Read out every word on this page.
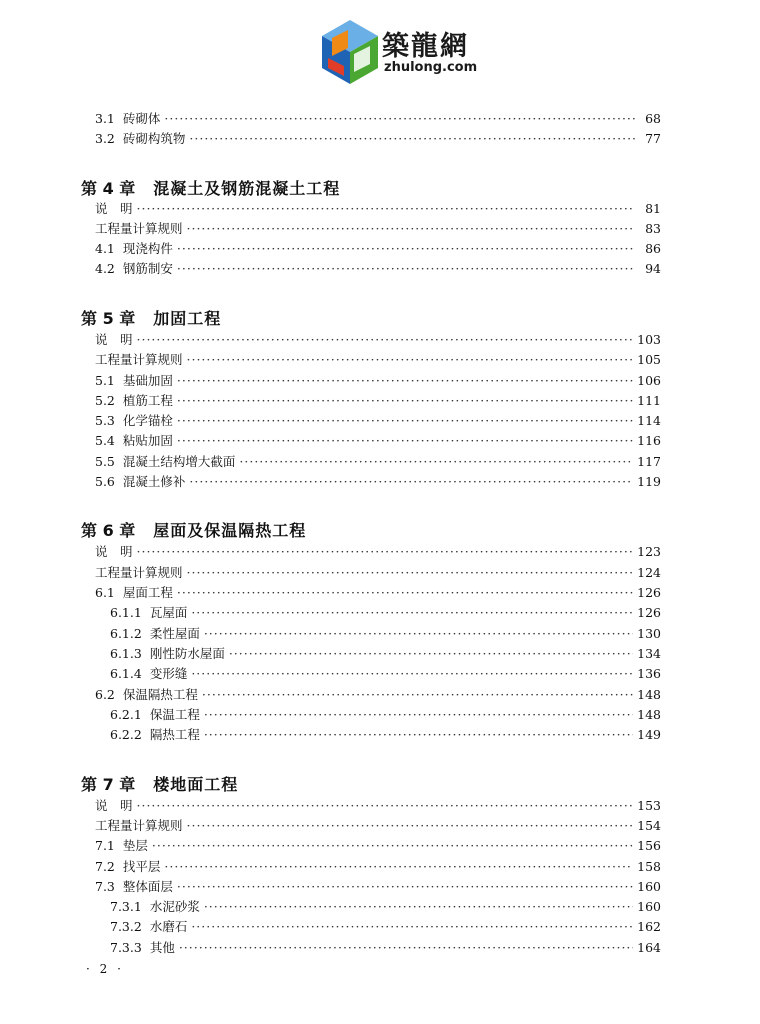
築龍網
zhulong.com
3.1 砖砌体 ·····	68
3.2 砖砌构筑物 ·····	77
第 4 章 混凝土及钢筋混凝土工程
说　明 ·····	81
工程量计算规则 ·····	83
4.1 现浇构件 ·····	86
4.2 钢筋制安 ·····	94
第 5 章 加固工程
说　明 ·····	103
工程量计算规则 ·····	105
5.1 基础加固 ·····	106
5.2 植筋工程 ·····	111
5.3 化学锚栓 ·····	114
5.4 粘贴加固 ·····	116
5.5 混凝土结构增大截面 ·····	117
5.6 混凝土修补 ·····	119
第 6 章 屋面及保温隔热工程
说　明 ·····	123
工程量计算规则 ·····	124
6.1 屋面工程 ·····	126
6.1.1 瓦屋面 ·····	126
6.1.2 柔性屋面 ·····	130
6.1.3 刚性防水屋面 ·····	134
6.1.4 变形缝 ·····	136
6.2 保温隔热工程 ·····	148
6.2.1 保温工程 ·····	148
6.2.2 隔热工程 ·····	149
第 7 章 楼地面工程
说　明 ·····	153
工程量计算规则 ·····	154
7.1 垫层 ·····	156
7.2 找平层 ·····	158
7.3 整体面层 ·····	160
7.3.1 水泥砂浆 ·····	160
7.3.2 水磨石 ·····	162
7.3.3 其他 ·····	164
· 2 ·
